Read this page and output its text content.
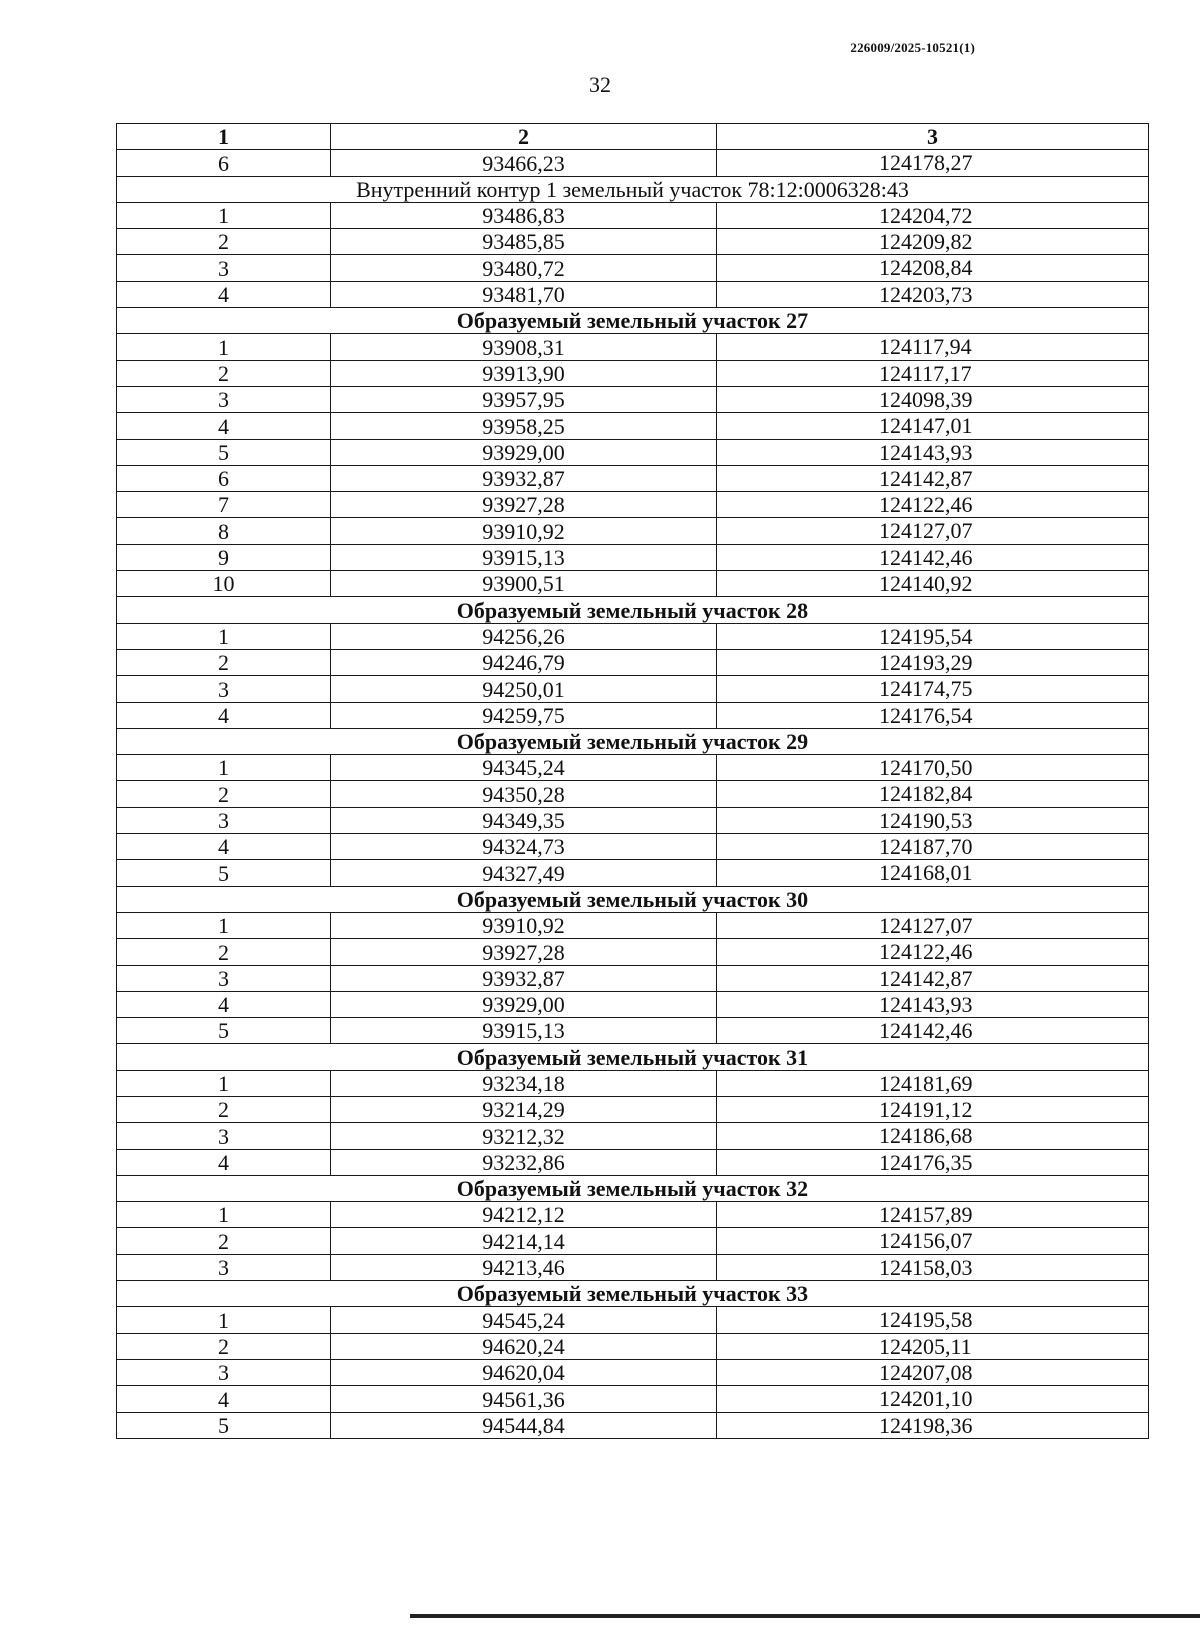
226009/2025-10521(1)
32
1	2	3
6	93466,23	124178,27
Внутренний контур 1 земельный участок 78:12:0006328:43		
1	93486,83	124204,72
2	93485,85	124209,82
3	93480,72	124208,84
4	93481,70	124203,73
Образуемый земельный участок 27		
1	93908,31	124117,94
2	93913,90	124117,17
3	93957,95	124098,39
4	93958,25	124147,01
5	93929,00	124143,93
6	93932,87	124142,87
7	93927,28	124122,46
8	93910,92	124127,07
9	93915,13	124142,46
10	93900,51	124140,92
Образуемый земельный участок 28		
1	94256,26	124195,54
2	94246,79	124193,29
3	94250,01	124174,75
4	94259,75	124176,54
Образуемый земельный участок 29		
1	94345,24	124170,50
2	94350,28	124182,84
3	94349,35	124190,53
4	94324,73	124187,70
5	94327,49	124168,01
Образуемый земельный участок 30		
1	93910,92	124127,07
2	93927,28	124122,46
3	93932,87	124142,87
4	93929,00	124143,93
5	93915,13	124142,46
Образуемый земельный участок 31		
1	93234,18	124181,69
2	93214,29	124191,12
3	93212,32	124186,68
4	93232,86	124176,35
Образуемый земельный участок 32		
1	94212,12	124157,89
2	94214,14	124156,07
3	94213,46	124158,03
Образуемый земельный участок 33		
1	94545,24	124195,58
2	94620,24	124205,11
3	94620,04	124207,08
4	94561,36	124201,10
5	94544,84	124198,36
